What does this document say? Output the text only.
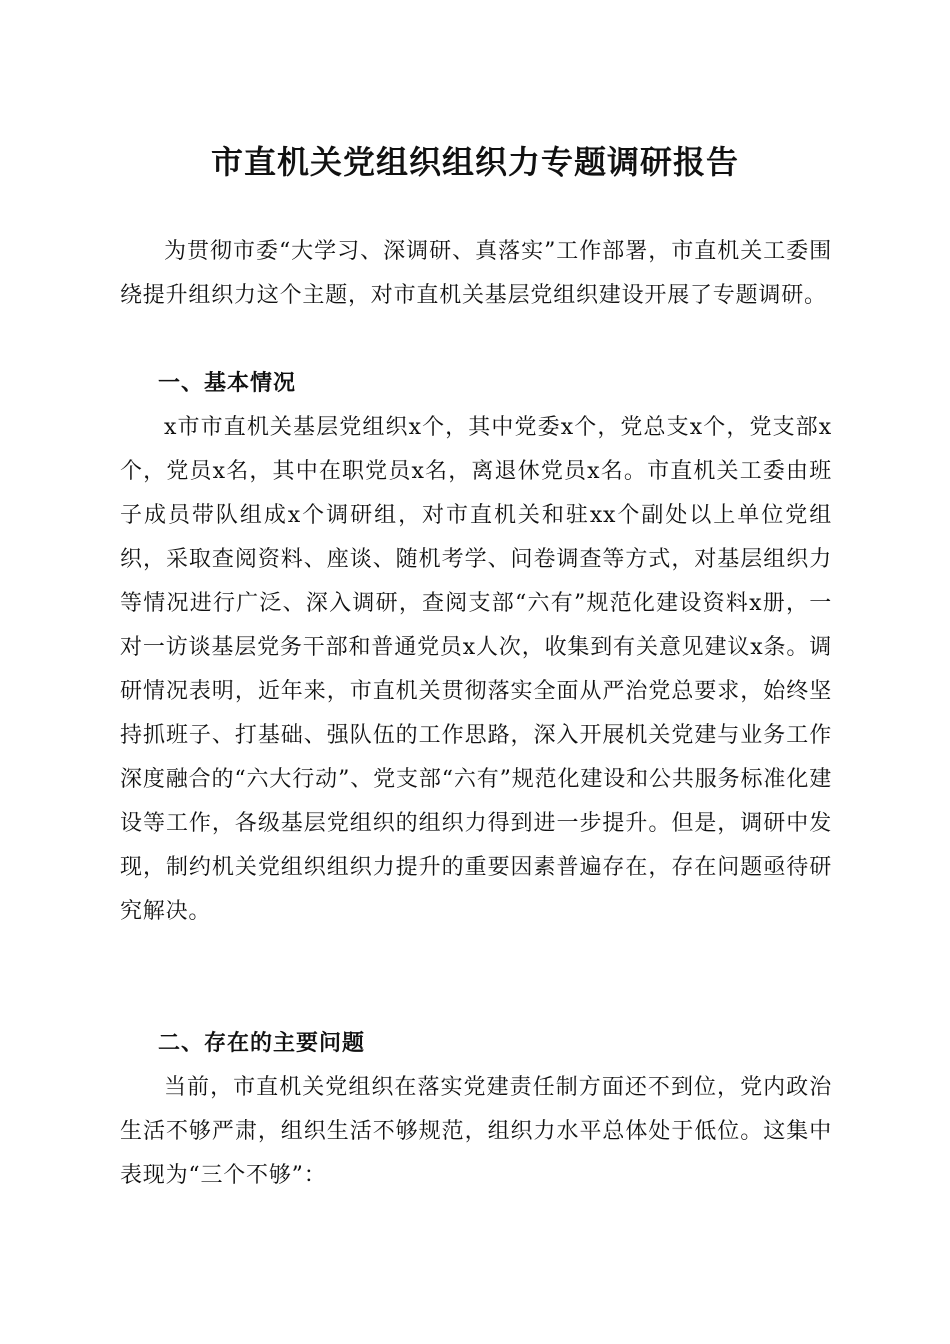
市直机关党组织组织力专题调研报告

为贯彻市委“大学习、深调研、真落实”工作部署，市直机关工委围绕提升组织力这个主题，对市直机关基层党组织建设开展了专题调研。

一、基本情况

x市市直机关基层党组织x个，其中党委x个，党总支x个，党支部x个，党员x名，其中在职党员x名，离退休党员x名。市直机关工委由班子成员带队组成x个调研组，对市直机关和驻xx个副处以上单位党组织，采取查阅资料、座谈、随机考学、问卷调查等方式，对基层组织力等情况进行广泛、深入调研，查阅支部“六有”规范化建设资料x册，一对一访谈基层党务干部和普通党员x人次，收集到有关意见建议x条。调研情况表明，近年来，市直机关贯彻落实全面从严治党总要求，始终坚持抓班子、打基础、强队伍的工作思路，深入开展机关党建与业务工作深度融合的“六大行动”、党支部“六有”规范化建设和公共服务标准化建设等工作，各级基层党组织的组织力得到进一步提升。但是，调研中发现，制约机关党组织组织力提升的重要因素普遍存在，存在问题亟待研究解决。

二、存在的主要问题

当前，市直机关党组织在落实党建责任制方面还不到位，党内政治生活不够严肃，组织生活不够规范，组织力水平总体处于低位。这集中表现为“三个不够”：
